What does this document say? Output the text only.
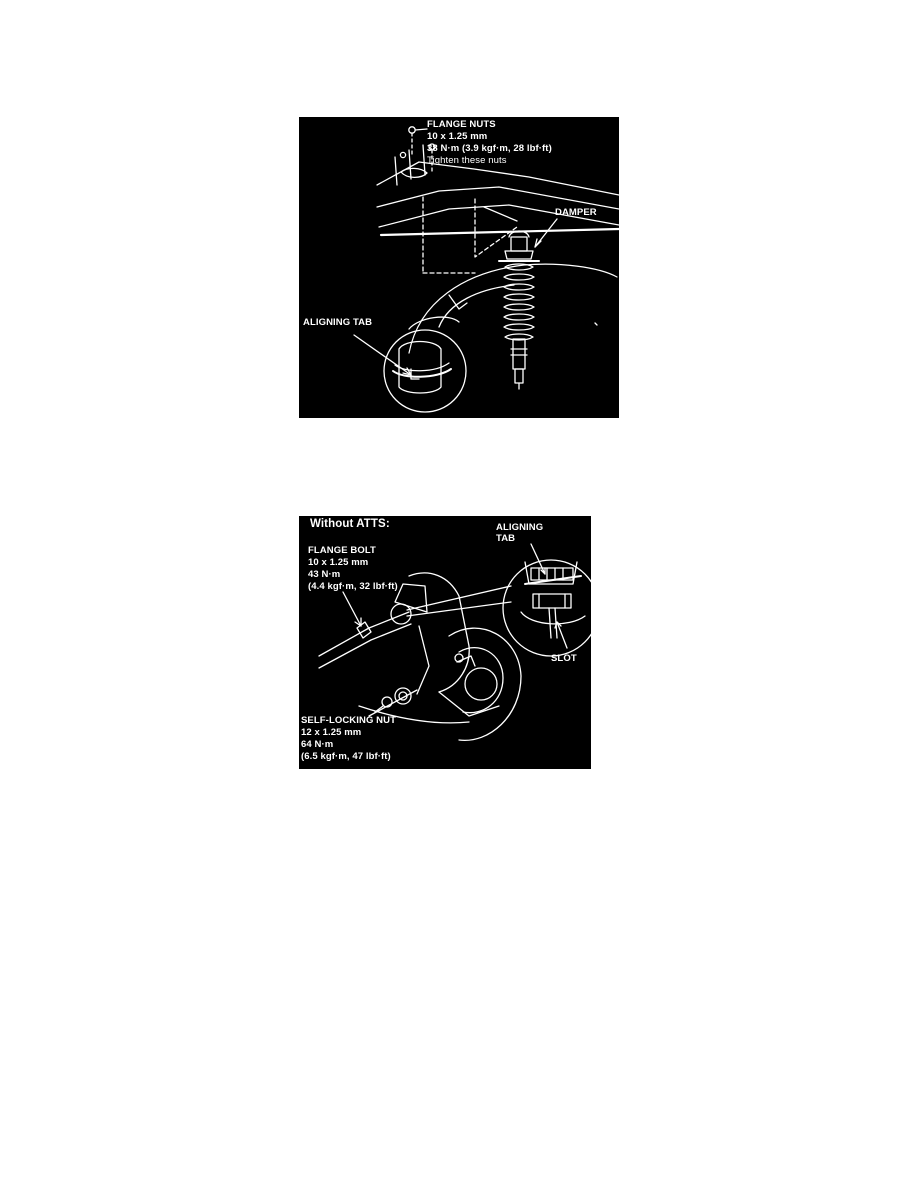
FLANGE NUTS
10 x 1.25 mm
38 N·m (3.9 kgf·m, 28 lbf·ft)
Tighten these nuts
DAMPER
ALIGNING TAB
Without ATTS:
FLANGE BOLT
10 x 1.25 mm
43 N·m
(4.4 kgf·m, 32 lbf·ft)
ALIGNING
TAB
SLOT
SELF-LOCKING NUT
12 x 1.25 mm
64 N·m
(6.5 kgf·m, 47 lbf·ft)
